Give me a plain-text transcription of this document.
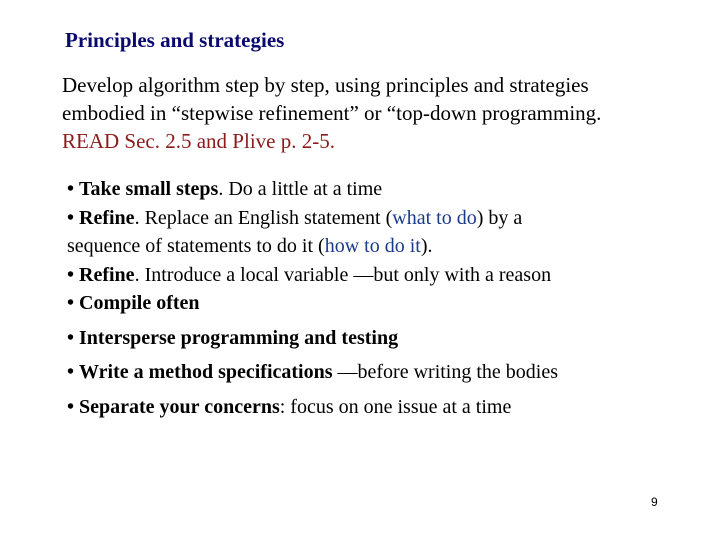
Principles and strategies
Develop algorithm step by step, using principles and strategies
embodied in “stepwise refinement” or “top-down programming.
READ Sec. 2.5 and Plive p. 2-5.
• Take small steps. Do a little at a time
• Refine. Replace an English statement (what to do) by a
sequence of statements to do it (how to do it).
• Refine. Introduce a local variable —but only with a reason
• Compile often
• Intersperse programming and testing
• Write a method specifications —before writing the bodies
• Separate your concerns: focus on one issue at a time
9
